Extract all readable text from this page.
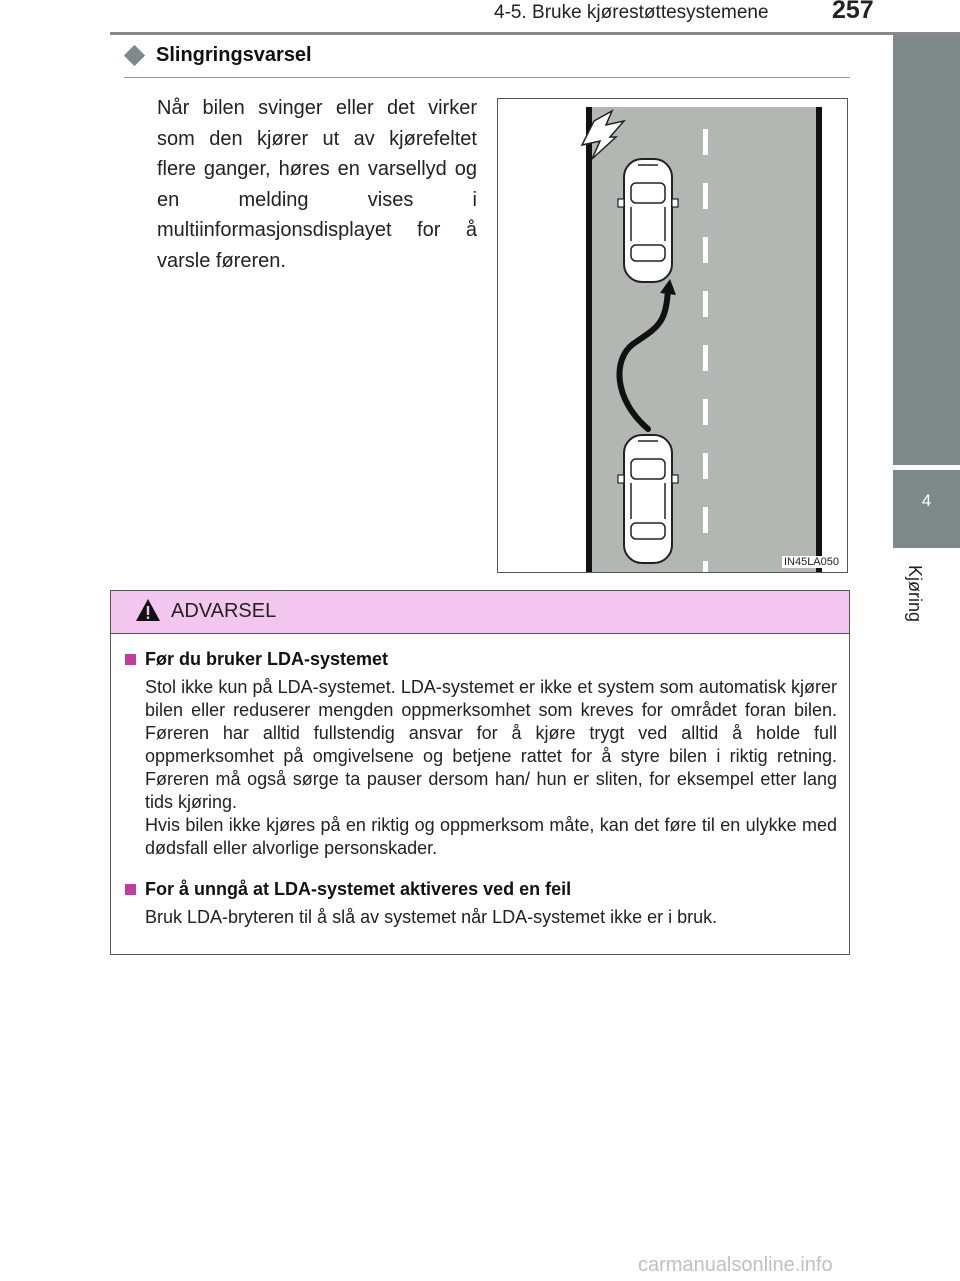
4-5. Bruke kjørestøttesystemene	257
4
Kjøring
Slingringsvarsel
Når bilen svinger eller det virker som den kjører ut av kjørefeltet flere ganger, høres en varsellyd og en melding vises i multiinformasjonsdisplayet for å varsle føreren.
IN45LA050
ADVARSEL
Før du bruker LDA-systemet
Stol ikke kun på LDA-systemet. LDA-systemet er ikke et system som automatisk kjører bilen eller reduserer mengden oppmerksomhet som kreves for området foran bilen. Føreren har alltid fullstendig ansvar for å kjøre trygt ved alltid å holde full oppmerksomhet på omgivelsene og betjene rattet for å styre bilen i riktig retning. Føreren må også sørge ta pauser dersom han/ hun er sliten, for eksempel etter lang tids kjøring.
Hvis bilen ikke kjøres på en riktig og oppmerksom måte, kan det føre til en ulykke med dødsfall eller alvorlige personskader.
For å unngå at LDA-systemet aktiveres ved en feil
Bruk LDA-bryteren til å slå av systemet når LDA-systemet ikke er i bruk.
carmanualsonline.info
